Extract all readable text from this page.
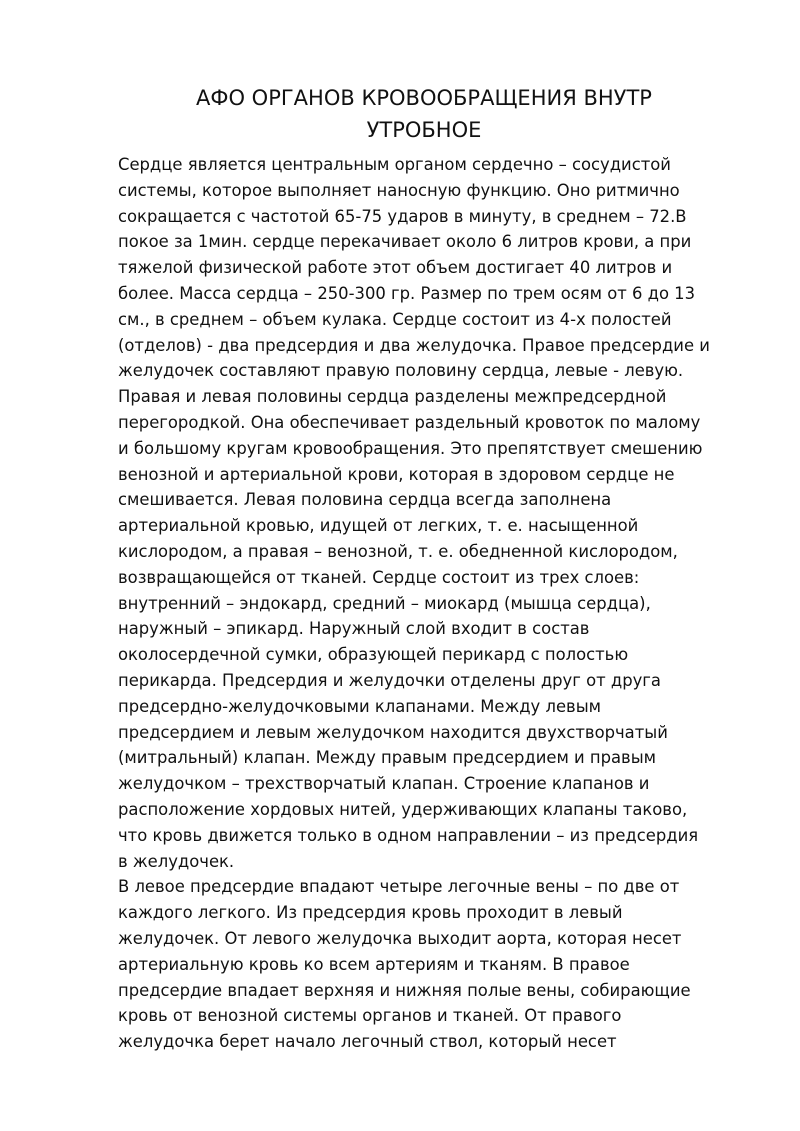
АФО ОРГАНОВ КРОВООБРАЩЕНИЯ ВНУТР
УТРОБНОЕ
Сердце является центральным органом сердечно – сосудистой
системы, которое выполняет наносную функцию. Оно ритмично
сокращается с частотой 65-75 ударов в минуту, в среднем – 72.В
покое за 1мин. сердце перекачивает около 6 литров крови, а при
тяжелой физической работе этот объем достигает 40 литров и
более. Масса сердца – 250-300 гр. Размер по трем осям от 6 до 13
см., в среднем – объем кулака. Сердце состоит из 4-х полостей
(отделов) - два предсердия и два желудочка. Правое предсердие и
желудочек составляют правую половину сердца, левые - левую.
Правая и левая половины сердца разделены межпредсердной
перегородкой. Она обеспечивает раздельный кровоток по малому
и большому кругам кровообращения. Это препятствует смешению
венозной и артериальной крови, которая в здоровом сердце не
смешивается. Левая половина сердца всегда заполнена
артериальной кровью, идущей от легких, т. е. насыщенной
кислородом, а правая – венозной, т. е. обедненной кислородом,
возвращающейся от тканей. Сердце состоит из трех слоев:
внутренний – эндокард, средний – миокард (мышца сердца),
наружный – эпикард. Наружный слой входит в состав
околосердечной сумки, образующей перикард с полостью
перикарда. Предсердия и желудочки отделены друг от друга
предсердно-желудочковыми клапанами. Между левым
предсердием и левым желудочком находится двухстворчатый
(митральный) клапан. Между правым предсердием и правым
желудочком – трехстворчатый клапан. Строение клапанов и
расположение хордовых нитей, удерживающих клапаны таково,
что кровь движется только в одном направлении – из предсердия
в желудочек.
В левое предсердие впадают четыре легочные вены – по две от
каждого легкого. Из предсердия кровь проходит в левый
желудочек. От левого желудочка выходит аорта, которая несет
артериальную кровь ко всем артериям и тканям. В правое
предсердие впадает верхняя и нижняя полые вены, собирающие
кровь от венозной системы органов и тканей. От правого
желудочка берет начало легочный ствол, который несет
